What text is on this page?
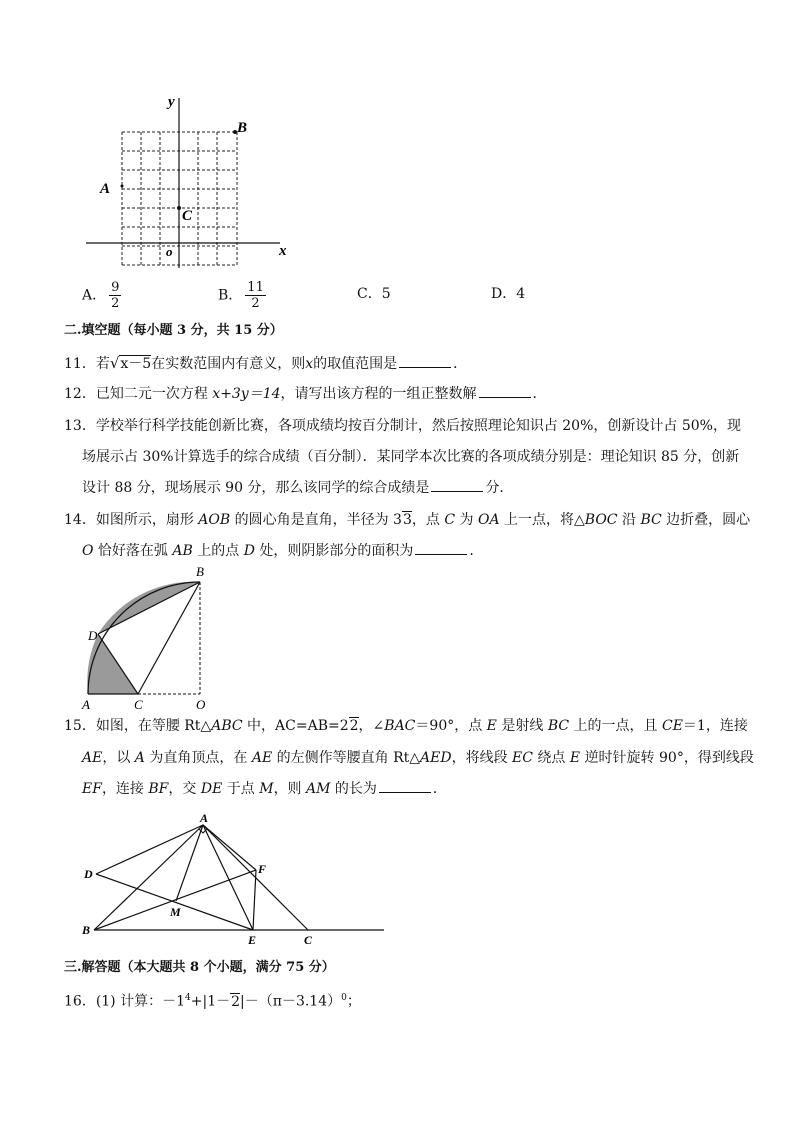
y
x
o
A
B
C
A． $\frac{9}{2}$	B． $\frac{11}{2}$	C．5	D．4
二.填空题（每小题 3 分，共 15 分）
11．若√x－5在实数范围内有意义，则x的取值范围是	．
12．已知二元一次方程 x+3y＝14，请写出该方程的一组正整数解	．
13．学校举行科学技能创新比赛，各项成绩均按百分制计，然后按照理论知识占 20%，创新设计占 50%，现
场展示占 30%计算选手的综合成绩（百分制）．某同学本次比赛的各项成绩分别是：理论知识 85 分，创新
设计 88 分，现场展示 90 分，那么该同学的综合成绩是	分．
14．如图所示，扇形 AOB 的圆心角是直角，半径为 33，点 C 为 OA 上一点，将△BOC 沿 BC 边折叠，圆心
O 恰好落在弧 AB 上的点 D 处，则阴影部分的面积为	．
B
D
A	C	O
15．如图，在等腰 Rt△ABC 中，AC=AB=22，∠BAC＝90°，点 E 是射线 BC 上的一点，且 CE＝1，连接
AE，以 A 为直角顶点，在 AE 的左侧作等腰直角 Rt△AED，将线段 EC 绕点 E 逆时针旋转 90°，得到线段
EF，连接 BF，交 DE 于点 M，则 AM 的长为	．
A
D	F
M
B
E	C
三.解答题（本大题共 8 个小题，满分 75 分）
16．(1) 计算：$-1^4+|1-2|-(\pi-3.14)^0$；
